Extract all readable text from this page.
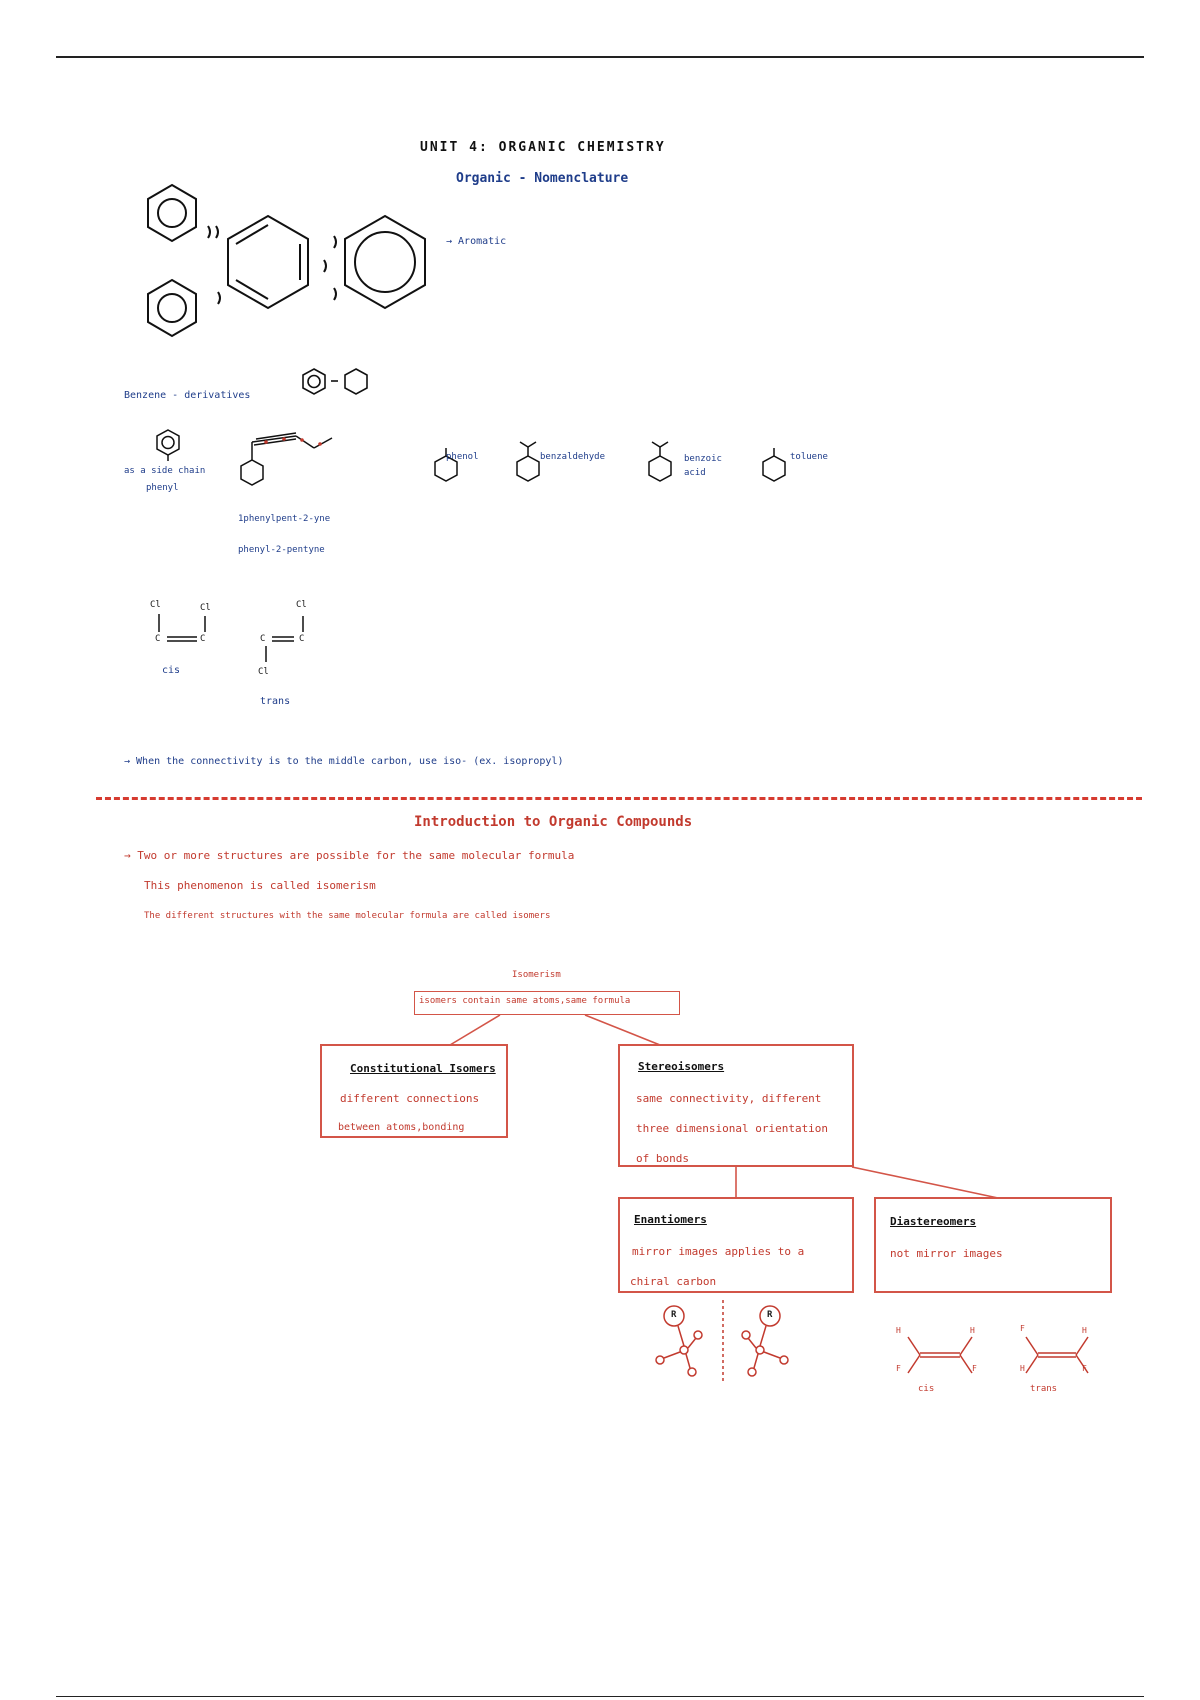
UNIT 4: ORGANIC CHEMISTRY
Organic - Nomenclature
→ Aromatic
Benzene - derivatives
as a side chain
phenyl
1phenylpent-2-yne
phenyl-2-pentyne
phenol	benzaldehyde	benzoic acid
toluene
Cl	Cl
C	C
cis
Cl
C	C
Cl
trans
→ When the connectivity is to the middle carbon, use iso- (ex. isopropyl)
Introduction to Organic Compounds
→ Two or more structures are possible for the same molecular formula
This phenomenon is called isomerism
The different structures with the same molecular formula are called isomers
Isomerism
isomers contain same atoms,same formula
Constitutional Isomers
different connections
between atoms,bonding
Stereoisomers
same connectivity, different
three dimensional orientation
of bonds
Enantiomers
mirror images applies to a
chiral carbon
Diastereomers
not mirror images
R	R
H	H
F	F
cis
F	H
H	F
trans
